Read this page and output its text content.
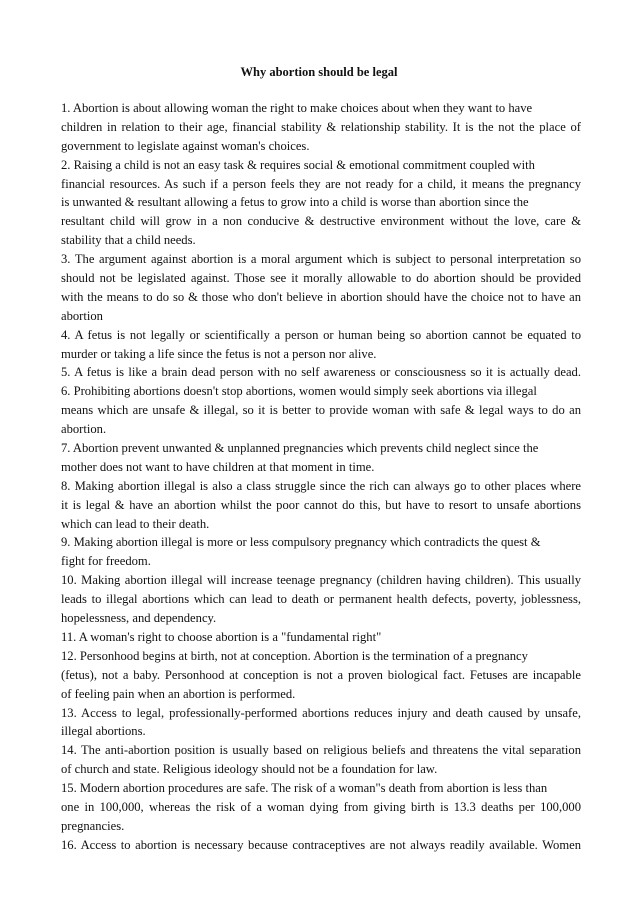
Why abortion should be legal
1. Abortion is about allowing woman the right to make choices about when they want to have
children in relation to their age, financial stability & relationship stability. It is the not the place of
government to legislate against woman's choices.
2. Raising a child is not an easy task & requires social & emotional commitment coupled with
financial resources. As such if a person feels they are not ready for a child, it means the pregnancy
is unwanted & resultant allowing a fetus to grow into a child is worse than abortion since the
resultant child will grow in a non conducive & destructive environment without the love, care &
stability that a child needs.
3. The argument against abortion is a moral argument which is subject to personal interpretation so
should not be legislated against. Those see it morally allowable to do abortion should be provided
with the means to do so & those who don't believe in abortion should have the choice not to have an
abortion
4. A fetus is not legally or scientifically a person or human being so abortion cannot be equated to
murder or taking a life since the fetus is not a person nor alive.
5. A fetus is like a brain dead person with no self awareness or consciousness so it is actually dead.
6. Prohibiting abortions doesn't stop abortions, women would simply seek abortions via illegal
means which are unsafe & illegal, so it is better to provide woman with safe & legal ways to do an
abortion.
7. Abortion prevent unwanted & unplanned pregnancies which prevents child neglect since the
mother does not want to have children at that moment in time.
8. Making abortion illegal is also a class struggle since the rich can always go to other places where
it is legal & have an abortion whilst the poor cannot do this, but have to resort to unsafe abortions
which can lead to their death.
9. Making abortion illegal is more or less compulsory pregnancy which contradicts the quest &
fight for freedom.
10. Making abortion illegal will increase teenage pregnancy (children having children). This usually
leads to illegal abortions which can lead to death or permanent health defects, poverty, joblessness,
hopelessness, and dependency.
11. A woman's right to choose abortion is a "fundamental right"
12. Personhood begins at birth, not at conception. Abortion is the termination of a pregnancy
(fetus), not a baby. Personhood at conception is not a proven biological fact. Fetuses are incapable
of feeling pain when an abortion is performed.
13. Access to legal, professionally-performed abortions reduces injury and death caused by unsafe,
illegal abortions.
14. The anti-abortion position is usually based on religious beliefs and threatens the vital separation
of church and state. Religious ideology should not be a foundation for law.
15. Modern abortion procedures are safe. The risk of a woman"s death from abortion is less than
one in 100,000, whereas the risk of a woman dying from giving birth is 13.3 deaths per 100,000
pregnancies.
16. Access to abortion is necessary because contraceptives are not always readily available. Women
